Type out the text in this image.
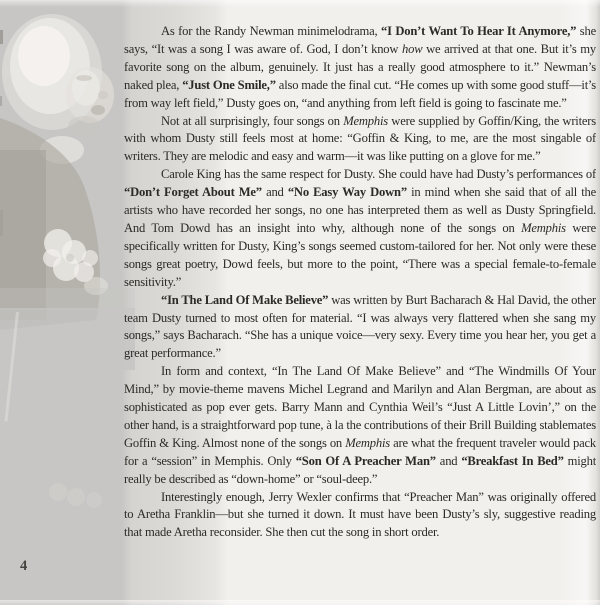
4

As for the Randy Newman minimelodrama, “I Don’t Want To Hear It Anymore,” she says, “It was a song I was aware of. God, I don’t know how we arrived at that one. But it’s my favorite song on the album, genuinely. It just has a really good atmosphere to it.” Newman’s naked plea, “Just One Smile,” also made the final cut. “He comes up with some good stuff—it’s from way left field,” Dusty goes on, “and anything from left field is going to fascinate me.”

Not at all surprisingly, four songs on Memphis were supplied by Goffin/King, the writers with whom Dusty still feels most at home: “Goffin & King, to me, are the most singable of writers. They are melodic and easy and warm—it was like putting on a glove for me.”

Carole King has the same respect for Dusty. She could have had Dusty’s performances of “Don’t Forget About Me” and “No Easy Way Down” in mind when she said that of all the artists who have recorded her songs, no one has interpreted them as well as Dusty Springfield. And Tom Dowd has an insight into why, although none of the songs on Memphis were specifically written for Dusty, King’s songs seemed custom-tailored for her. Not only were these songs great poetry, Dowd feels, but more to the point, “There was a special female-to-female sensitivity.”

“In The Land Of Make Believe” was written by Burt Bacharach & Hal David, the other team Dusty turned to most often for material. “I was always very flattered when she sang my songs,” says Bacharach. “She has a unique voice—very sexy. Every time you hear her, you get a great performance.”

In form and context, “In The Land Of Make Believe” and “The Windmills Of Your Mind,” by movie-theme mavens Michel Legrand and Marilyn and Alan Bergman, are about as sophisticated as pop ever gets. Barry Mann and Cynthia Weil’s “Just A Little Lovin’,” on the other hand, is a straightforward pop tune, à la the contributions of their Brill Building stablemates Goffin & King. Almost none of the songs on Memphis are what the frequent traveler would pack for a “session” in Memphis. Only “Son Of A Preacher Man” and “Breakfast In Bed” might really be described as “down-home” or “soul-deep.”

Interestingly enough, Jerry Wexler confirms that “Preacher Man” was originally offered to Aretha Franklin—but she turned it down. It must have been Dusty’s sly, suggestive reading that made Aretha reconsider. She then cut the song in short order.
